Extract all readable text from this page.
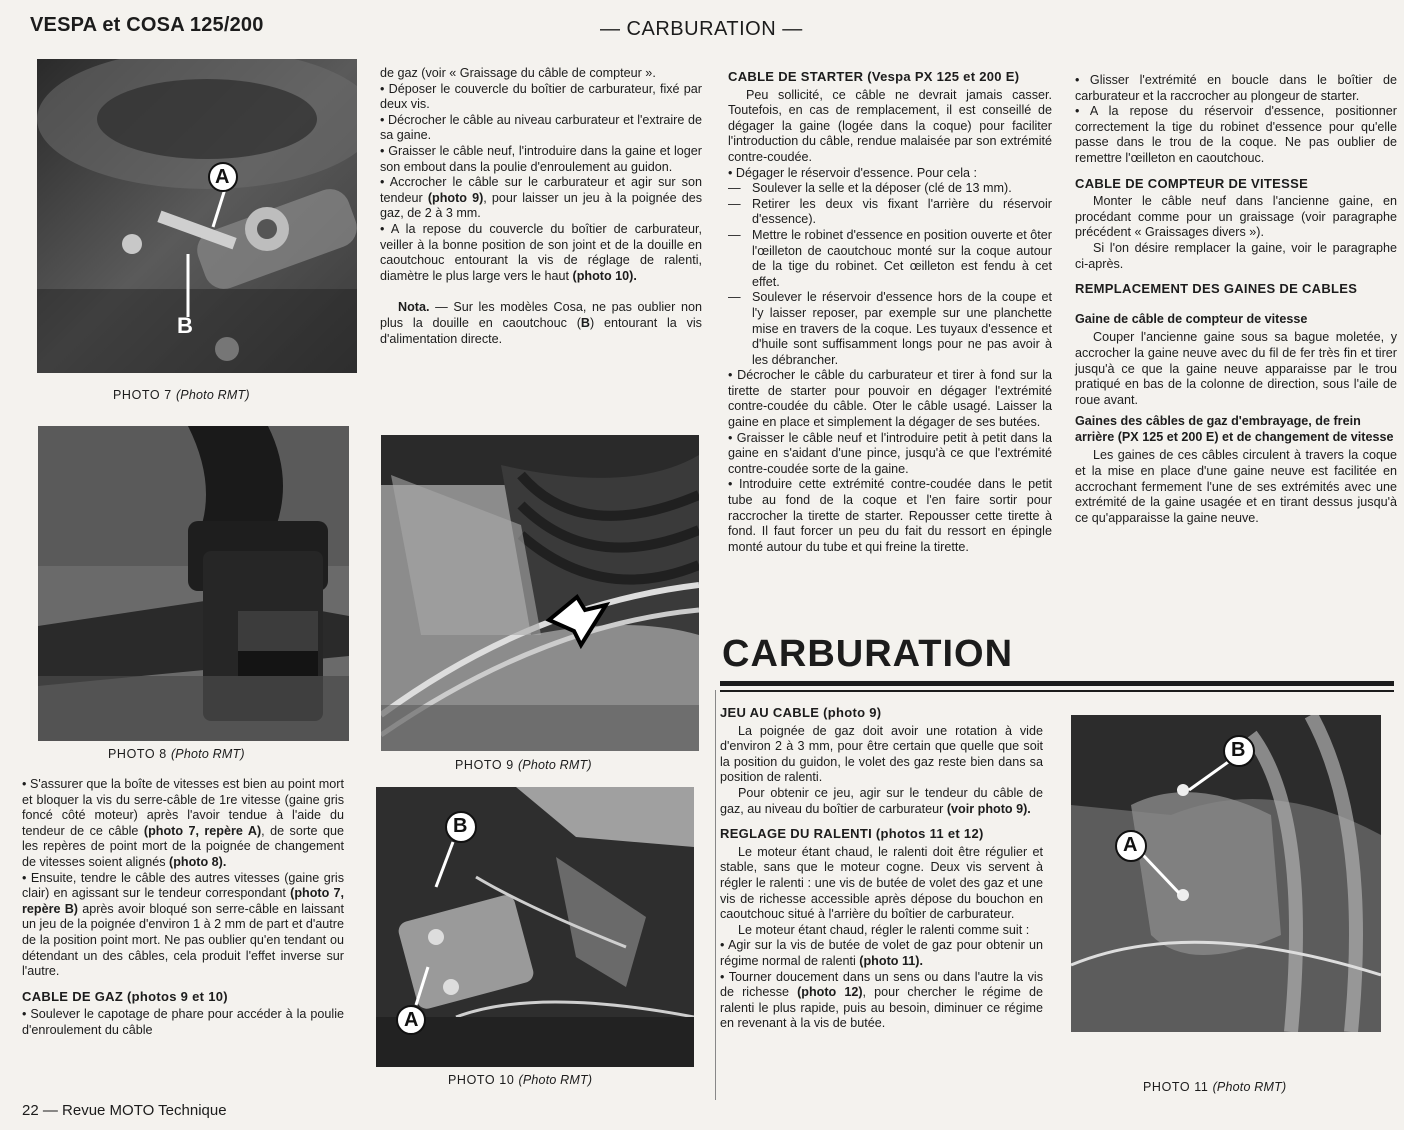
VESPA et COSA 125/200	— CARBURATION —
A
B
PHOTO 7 (Photo RMT)
PHOTO 8 (Photo RMT)
PHOTO 9 (Photo RMT)
B
A
PHOTO 10 (Photo RMT)
B
A
PHOTO 11 (Photo RMT)

• S'assurer que la boîte de vitesses est bien au point mort et bloquer la vis du serre-câble de 1re vitesse (gaine gris foncé côté moteur) après l'avoir tendue à l'aide du tendeur de ce câble (photo 7, repère A), de sorte que les repères de point mort de la poignée de changement de vitesses soient alignés (photo 8).

• Ensuite, tendre le câble des autres vitesses (gaine gris clair) en agissant sur le tendeur correspondant (photo 7, repère B) après avoir bloqué son serre-câble en laissant un jeu de la poignée d'environ 1 à 2 mm de part et d'autre de la position point mort. Ne pas oublier qu'en tendant ou détendant un des câbles, cela produit l'effet inverse sur l'autre.

CABLE DE GAZ (photos 9 et 10)

• Soulever le capotage de phare pour accéder à la poulie d'enroulement du câble

de gaz (voir « Graissage du câble de compteur ».

• Déposer le couvercle du boîtier de carburateur, fixé par deux vis.

• Décrocher le câble au niveau carburateur et l'extraire de sa gaine.

• Graisser le câble neuf, l'introduire dans la gaine et loger son embout dans la poulie d'enroulement au guidon.

• Accrocher le câble sur le carburateur et agir sur son tendeur (photo 9), pour laisser un jeu à la poignée des gaz, de 2 à 3 mm.

• A la repose du couvercle du boîtier de carburateur, veiller à la bonne position de son joint et de la douille en caoutchouc entourant la vis de réglage de ralenti, diamètre le plus large vers le haut (photo 10).

Nota. — Sur les modèles Cosa, ne pas oublier non plus la douille en caoutchouc (B) entourant la vis d'alimentation directe.

CABLE DE STARTER (Vespa PX 125 et 200 E)

Peu sollicité, ce câble ne devrait jamais casser. Toutefois, en cas de remplacement, il est conseillé de dégager la gaine (logée dans la coque) pour faciliter l'introduction du câble, rendue malaisée par son extrémité contre-coudée.

• Dégager le réservoir d'essence. Pour cela :

— Soulever la selle et la déposer (clé de 13 mm).
— Retirer les deux vis fixant l'arrière du réservoir d'essence).
— Mettre le robinet d'essence en position ouverte et ôter l'œilleton de caoutchouc monté sur la coque autour de la tige du robinet. Cet œilleton est fendu à cet effet.
— Soulever le réservoir d'essence hors de la coupe et l'y laisser reposer, par exemple sur une planchette mise en travers de la coque. Les tuyaux d'essence et d'huile sont suffisamment longs pour ne pas avoir à les débrancher.

• Décrocher le câble du carburateur et tirer à fond sur la tirette de starter pour pouvoir en dégager l'extrémité contre-coudée du câble. Oter le câble usagé. Laisser la gaine en place et simplement la dégager de ses butées.

• Graisser le câble neuf et l'introduire petit à petit dans la gaine en s'aidant d'une pince, jusqu'à ce que l'extrémité contre-coudée sorte de la gaine.

• Introduire cette extrémité contre-coudée dans le petit tube au fond de la coque et l'en faire sortir pour raccrocher la tirette de starter. Repousser cette tirette à fond. Il faut forcer un peu du fait du ressort en épingle monté autour du tube et qui freine la tirette.

• Glisser l'extrémité en boucle dans le boîtier de carburateur et la raccrocher au plongeur de starter.

• A la repose du réservoir d'essence, positionner correctement la tige du robinet d'essence pour qu'elle passe dans le trou de la coque. Ne pas oublier de remettre l'œilleton en caoutchouc.

CABLE DE COMPTEUR DE VITESSE

Monter le câble neuf dans l'ancienne gaine, en procédant comme pour un graissage (voir paragraphe précédent « Graissages divers »).

Si l'on désire remplacer la gaine, voir le paragraphe ci-après.

REMPLACEMENT DES GAINES DE CABLES
Gaine de câble de compteur de vitesse

Couper l'ancienne gaine sous sa bague moletée, y accrocher la gaine neuve avec du fil de fer très fin et tirer jusqu'à ce que la gaine neuve apparaisse par le trou pratiqué en bas de la colonne de direction, sous l'aile de roue avant.

Gaines des câbles de gaz d'embrayage, de frein arrière (PX 125 et 200 E) et de changement de vitesse

Les gaines de ces câbles circulent à travers la coque et la mise en place d'une gaine neuve est facilitée en accrochant fermement l'une de ses extrémités avec une extrémité de la gaine usagée et en tirant dessus jusqu'à ce qu'apparaisse la gaine neuve.

CARBURATION
JEU AU CABLE (photo 9)

La poignée de gaz doit avoir une rotation à vide d'environ 2 à 3 mm, pour être certain que quelle que soit la position du guidon, le volet des gaz reste bien dans sa position de ralenti.

Pour obtenir ce jeu, agir sur le tendeur du câble de gaz, au niveau du boîtier de carburateur (voir photo 9).

REGLAGE DU RALENTI (photos 11 et 12)

Le moteur étant chaud, le ralenti doit être régulier et stable, sans que le moteur cogne. Deux vis servent à régler le ralenti : une vis de butée de volet des gaz et une vis de richesse accessible après dépose du bouchon en caoutchouc situé à l'arrière du boîtier de carburateur.

Le moteur étant chaud, régler le ralenti comme suit :

• Agir sur la vis de butée de volet de gaz pour obtenir un régime normal de ralenti (photo 11).

• Tourner doucement dans un sens ou dans l'autre la vis de richesse (photo 12), pour chercher le régime de ralenti le plus rapide, puis au besoin, diminuer ce régime en revenant à la vis de butée.

22 — Revue MOTO Technique
